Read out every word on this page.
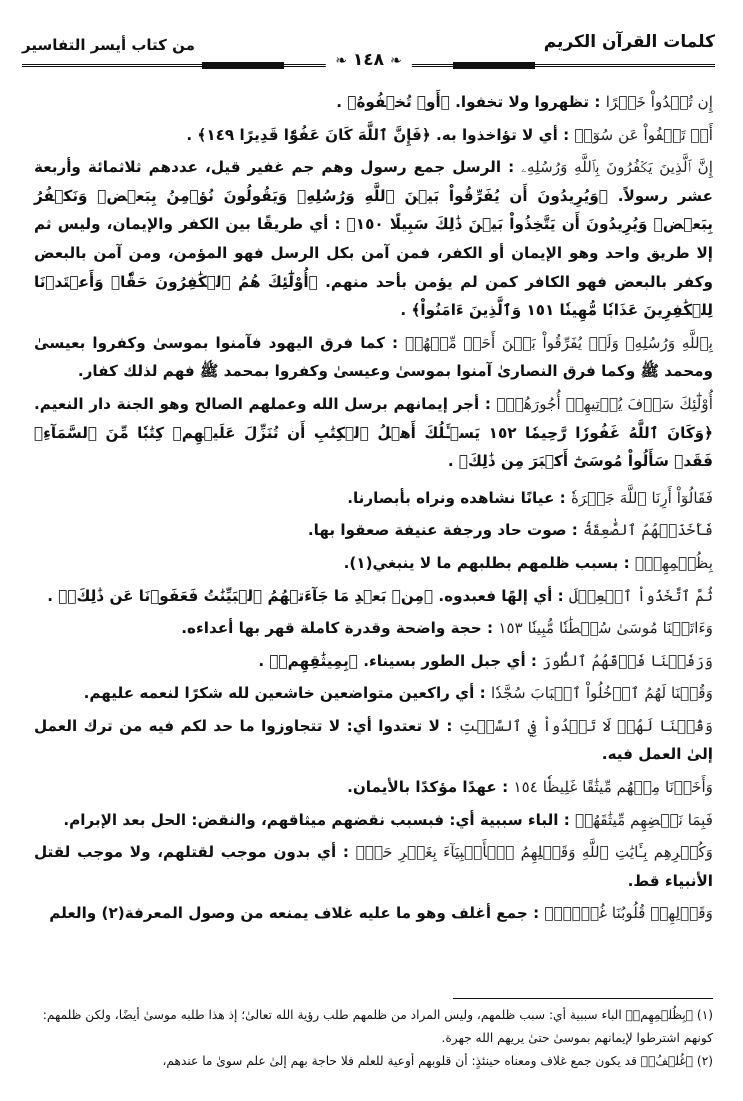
كلمات القرآن الكريم
من كتاب أيسر التفاسير
❧ ١٤٨ ❧

إِن تُبۡدُواْ خَيۡرًا : تظهروا ولا تخفوا. ﴿أَوۡ تُخۡفُوهُ﴾ .

أَوۡ تَعۡفُواْ عَن سُوٓءٖ : أي لا تؤاخذوا به. ﴿فَإِنَّ ٱللَّهَ كَانَ عَفُوّٗا قَدِيرًا ١٤٩﴾ .

إِنَّ ٱلَّذِينَ يَكۡفُرُونَ بِٱللَّهِ وَرُسُلِهِۦ : الرسل جمع رسول وهم جم غفير قيل، عددهم ثلاثمائة وأربعة عشر رسولاً. ﴿وَيُرِيدُونَ أَن يُفَرِّقُواْ بَيۡنَ ٱللَّهِ وَرُسُلِهِۦ وَيَقُولُونَ نُؤۡمِنُ بِبَعۡضٖ وَنَكۡفُرُ بِبَعۡضٖ وَيُرِيدُونَ أَن يَتَّخِذُواْ بَيۡنَ ذَٰلِكَ سَبِيلًا ١٥٠﴾ : أي طريقًا بين الكفر والإيمان، وليس ثم إلا طريق واحد وهو الإيمان أو الكفر، فمن آمن بكل الرسل فهو المؤمن، ومن آمن بالبعض وكفر بالبعض فهو الكافر كمن لم يؤمن بأحد منهم. ﴿أُوْلَٰٓئِكَ هُمُ ٱلۡكَٰفِرُونَ حَقّٗاۚ وَأَعۡتَدۡنَا لِلۡكَٰفِرِينَ عَذَابٗا مُّهِينٗا ١٥١ وَٱلَّذِينَ ءَامَنُواْ﴾ .

بِٱللَّهِ وَرُسُلِهِۦ وَلَمۡ يُفَرِّقُواْ بَيۡنَ أَحَدٖ مِّنۡهُمۡ : كما فرق اليهود فآمنوا بموسىٰ وكفروا بعيسىٰ ومحمد ﷺ وكما فرق النصارىٰ آمنوا بموسىٰ وعيسىٰ وكفروا بمحمد ﷺ فهم لذلك كفار.

أُوْلَٰٓئِكَ سَوۡفَ يُؤۡتِيهِمۡ أُجُورَهُمۡۚ : أجر إيمانهم برسل الله وعملهم الصالح وهو الجنة دار النعيم. ﴿وَكَانَ ٱللَّهُ غَفُورٗا رَّحِيمٗا ١٥٢ يَسۡـَٔلُكَ أَهۡلُ ٱلۡكِتَٰبِ أَن تُنَزِّلَ عَلَيۡهِمۡ كِتَٰبٗا مِّنَ ٱلسَّمَآءِۚ فَقَدۡ سَأَلُواْ مُوسَىٰٓ أَكۡبَرَ مِن ذَٰلِكَ﴾ .

فَقَالُوٓاْ أَرِنَا ٱللَّهَ جَهۡرَةٗ : عيانًا نشاهده ونراه بأبصارنا.

فَأَخَذَتۡهُمُ ٱلصَّٰعِقَةُ : صوت حاد ورجفة عنيفة صعقوا بها.

بِظُلۡمِهِمۡۚ : بسبب ظلمهم بطلبهم ما لا ينبغي(١).

ثُمَّ ٱتَّخَذُواْ ٱلۡعِجۡلَ : أي إلهًا فعبدوه. ﴿مِنۢ بَعۡدِ مَا جَآءَتۡهُمُ ٱلۡبَيِّنَٰتُ فَعَفَوۡنَا عَن ذَٰلِكَۚ﴾ .

وَءَاتَيۡنَا مُوسَىٰ سُلۡطَٰنٗا مُّبِينٗا ١٥٣ : حجة واضحة وقدرة كاملة قهر بها أعداءه.

وَرَفَعۡنَا فَوۡقَهُمُ ٱلطُّورَ : أي جبل الطور بسيناء. ﴿بِمِيثَٰقِهِمۡ﴾ .

وَقُلۡنَا لَهُمُ ٱدۡخُلُواْ ٱلۡبَابَ سُجَّدٗا : أي راكعين متواضعين خاشعين لله شكرًا لنعمه عليهم.

وَقُلۡنَا لَهُمۡ لَا تَعۡدُواْ فِي ٱلسَّبۡتِ : لا تعتدوا أي: لا تتجاوزوا ما حد لكم فيه من ترك العمل إلىٰ العمل فيه.

وَأَخَذۡنَا مِنۡهُم مِّيثَٰقًا غَلِيظٗا ١٥٤ : عهدًا مؤكدًا بالأيمان.

فَبِمَا نَقۡضِهِم مِّيثَٰقَهُمۡ : الباء سببية أي: فبسبب نقضهم ميثاقهم، والنقض: الحل بعد الإبرام.

وَكُفۡرِهِم بِـَٔايَٰتِ ٱللَّهِ وَقَتۡلِهِمُ ٱلۡأَنۢبِيَآءَ بِغَيۡرِ حَقّٖ : أي بدون موجب لقتلهم، ولا موجب لقتل الأنبياء قط.

وَقَوۡلِهِمۡ قُلُوبُنَا غُلۡفُۢۚ : جمع أغلف وهو ما عليه غلاف يمنعه من وصول المعرفة(٢) والعلم

(١) ﴿بِظُلۡمِهِمۡ﴾ الباء سببية أي: سبب ظلمهم، وليس المراد من ظلمهم طلب رؤية الله تعالىٰ؛ إذ هذا طلبه موسىٰ أيضًا، ولكن ظلمهم: كونهم اشترطوا لإيمانهم بموسىٰ حتىٰ يريهم الله جهرة.

(٢) ﴿غُلۡفُۢ﴾ قد يكون جمع غلاف ومعناه حينئذٍ: أن قلوبهم أوعية للعلم فلا حاجة بهم إلىٰ علم سوىٰ ما عندهم،
